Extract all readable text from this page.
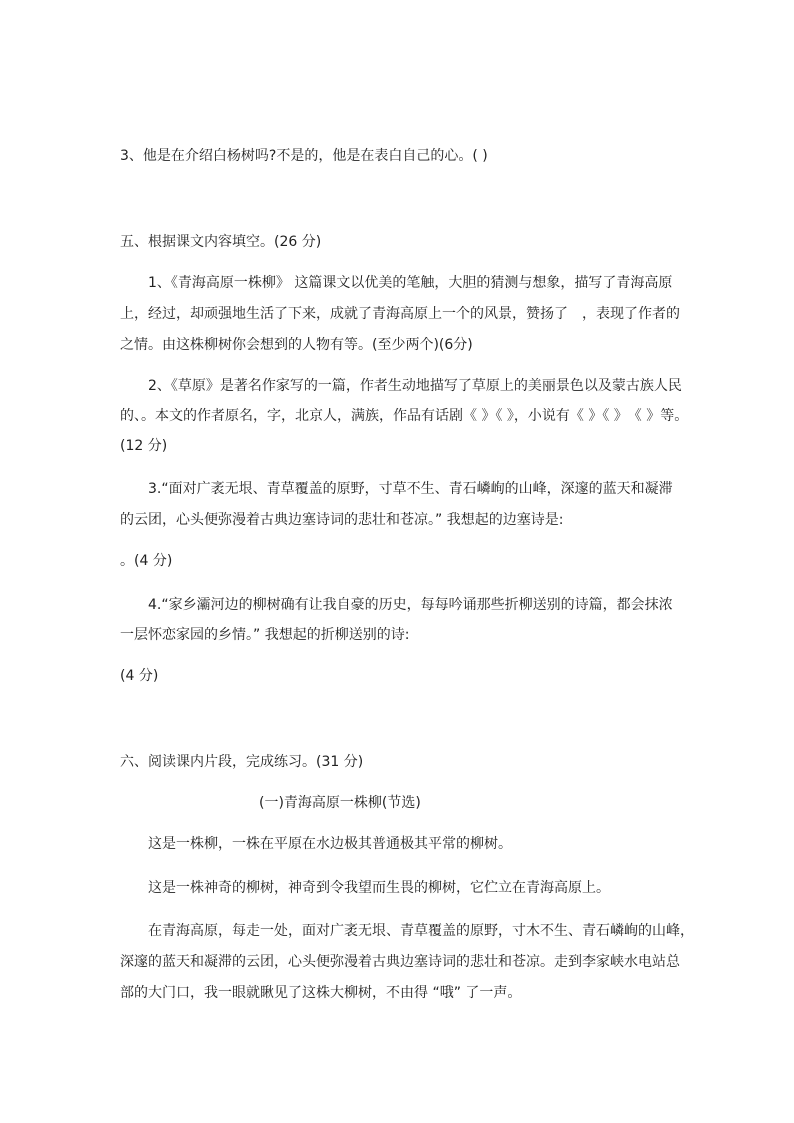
3、他是在介绍白杨树吗?不是的，他是在表白自己的心。( )
五、根据课文内容填空。(26 分)
1、《青海高原一株柳》 这篇课文以优美的笔触，大胆的猜测与想象，描写了青海高原
上，经过，却顽强地生活了下来，成就了青海高原上一个的风景，赞扬了　，表现了作者的
之情。由这株柳树你会想到的人物有等。(至少两个)(6分)
2、《草原》是著名作家写的一篇，作者生动地描写了草原上的美丽景色以及蒙古族人民
的、。本文的作者原名，字，北京人，满族，作品有话剧《 》《 》，小说有《 》《 》　《 》等。
(12 分)
3.“面对广袤无垠、青草覆盖的原野，寸草不生、青石嶙峋的山峰，深邃的蓝天和凝滞
的云团，心头便弥漫着古典边塞诗词的悲壮和苍凉。” 我想起的边塞诗是:
。(4 分)
4.“家乡灞河边的柳树确有让我自豪的历史，每每吟诵那些折柳送别的诗篇，都会抹浓
一层怀恋家园的乡情。” 我想起的折柳送别的诗:
(4 分)
六、阅读课内片段，完成练习。(31 分)
(一)青海高原一株柳(节选)
这是一株柳，一株在平原在水边极其普通极其平常的柳树。
这是一株神奇的柳树，神奇到令我望而生畏的柳树，它伫立在青海高原上。
在青海高原，每走一处，面对广袤无垠、青草覆盖的原野，寸木不生、青石嶙峋的山峰，
深邃的蓝天和凝滞的云团，心头便弥漫着古典边塞诗词的悲壮和苍凉。走到李家峡水电站总
部的大门口，我一眼就瞅见了这株大柳树，不由得 “哦” 了一声。
